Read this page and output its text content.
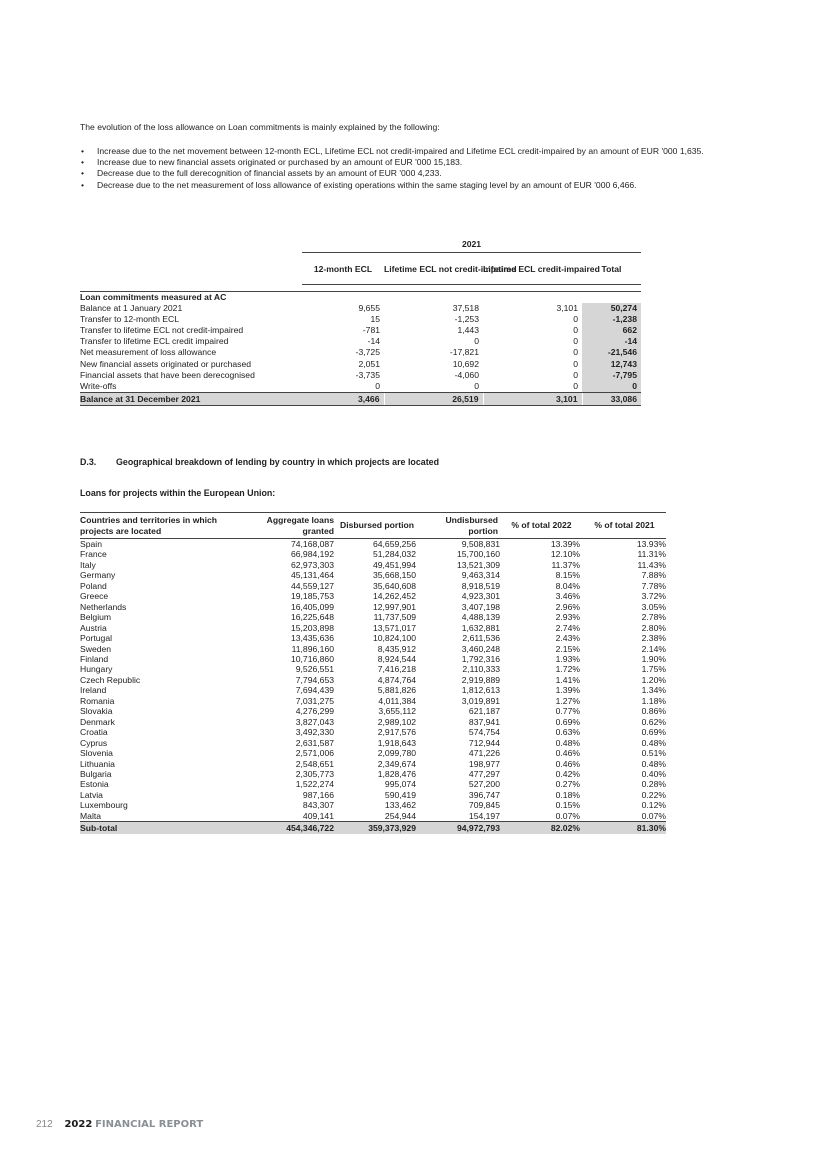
The evolution of the loss allowance on Loan commitments is mainly explained by the following:
• Increase due to the net movement between 12-month ECL, Lifetime ECL not credit-impaired and Lifetime ECL credit-impaired by an amount of EUR '000 1,635.
• Increase due to new financial assets originated or purchased by an amount of EUR '000 15,183.
• Decrease due to the full derecognition of financial assets by an amount of EUR '000 4,233.
• Decrease due to the net measurement of loss allowance of existing operations within the same staging level by an amount of EUR '000 6,466.
	2021			
	12-month ECL	Lifetime ECL not credit-impaired	Lifetime ECL credit-impaired	Total

Loan commitments measured at AC				
Balance at 1 January 2021	9,655	37,518	3,101	50,274
Transfer to 12-month ECL	15	-1,253	0	-1,238
Transfer to lifetime ECL not credit-impaired	-781	1,443	0	662
Transfer to lifetime ECL credit impaired	-14	0	0	-14
Net measurement of loss allowance	-3,725	-17,821	0	-21,546
New financial assets originated or purchased	2,051	10,692	0	12,743
Financial assets that have been derecognised	-3,735	-4,060	0	-7,795
Write-offs	0	0	0	0
Balance at 31 December 2021	3,466	26,519	3,101	33,086
D.3. Geographical breakdown of lending by country in which projects are located
Loans for projects within the European Union:
Countries and territories in which projects are located	Aggregate loans granted	Disbursed portion	Undisbursed portion	% of total 2022	% of total 2021
Spain	74,168,087	64,659,256	9,508,831	13.39%	13.93%
France	66,984,192	51,284,032	15,700,160	12.10%	11.31%
Italy	62,973,303	49,451,994	13,521,309	11.37%	11.43%
Germany	45,131,464	35,668,150	9,463,314	8.15%	7.88%
Poland	44,559,127	35,640,608	8,918,519	8.04%	7.78%
Greece	19,185,753	14,262,452	4,923,301	3.46%	3.72%
Netherlands	16,405,099	12,997,901	3,407,198	2.96%	3.05%
Belgium	16,225,648	11,737,509	4,488,139	2.93%	2.78%
Austria	15,203,898	13,571,017	1,632,881	2.74%	2.80%
Portugal	13,435,636	10,824,100	2,611,536	2.43%	2.38%
Sweden	11,896,160	8,435,912	3,460,248	2.15%	2.14%
Finland	10,716,860	8,924,544	1,792,316	1.93%	1.90%
Hungary	9,526,551	7,416,218	2,110,333	1.72%	1.75%
Czech Republic	7,794,653	4,874,764	2,919,889	1.41%	1.20%
Ireland	7,694,439	5,881,826	1,812,613	1.39%	1.34%
Romania	7,031,275	4,011,384	3,019,891	1.27%	1.18%
Slovakia	4,276,299	3,655,112	621,187	0.77%	0.86%
Denmark	3,827,043	2,989,102	837,941	0.69%	0.62%
Croatia	3,492,330	2,917,576	574,754	0.63%	0.69%
Cyprus	2,631,587	1,918,643	712,944	0.48%	0.48%
Slovenia	2,571,006	2,099,780	471,226	0.46%	0.51%
Lithuania	2,548,651	2,349,674	198,977	0.46%	0.48%
Bulgaria	2,305,773	1,828,476	477,297	0.42%	0.40%
Estonia	1,522,274	995,074	527,200	0.27%	0.28%
Latvia	987,166	590,419	396,747	0.18%	0.22%
Luxembourg	843,307	133,462	709,845	0.15%	0.12%
Malta	409,141	254,944	154,197	0.07%	0.07%
Sub-total	454,346,722	359,373,929	94,972,793	82.02%	81.30%
212 2022 FINANCIAL REPORT
